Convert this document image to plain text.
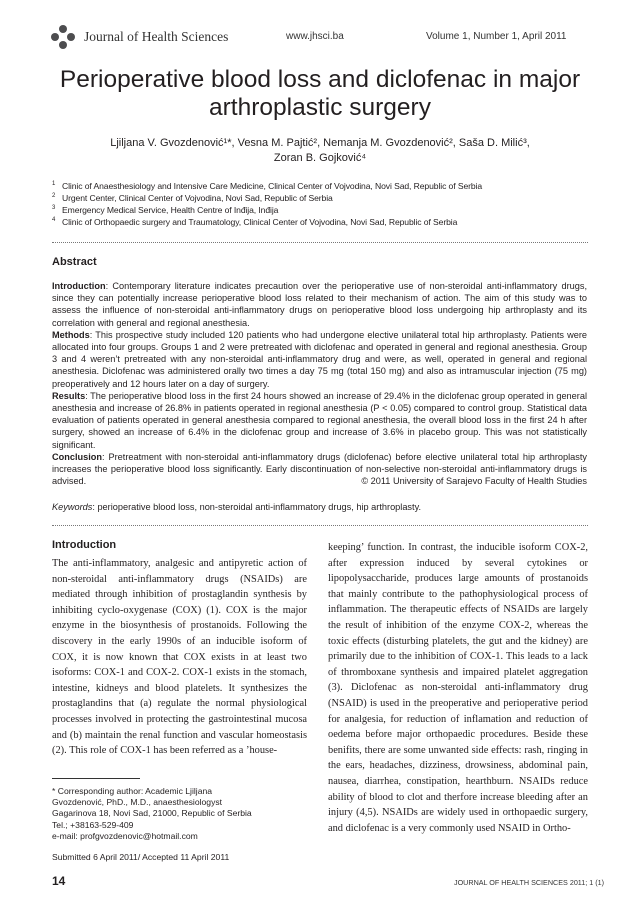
Journal of Health Sciences	www.jhsci.ba	Volume 1, Number 1, April 2011
Perioperative blood loss and diclofenac in major arthroplastic surgery
Ljiljana V. Gvozdenović¹*, Vesna M. Pajtić², Nemanja M. Gvozdenović², Saša D. Milić³,
Zoran B. Gojković⁴
1 Clinic of Anaesthesiology and Intensive Care Medicine, Clinical Center of Vojvodina, Novi Sad, Republic of Serbia
2 Urgent Center, Clinical Center of Vojvodina, Novi Sad, Republic of Serbia
3 Emergency Medical Service, Health Centre of Inđija, Inđija
4 Clinic of Orthopaedic surgery and Traumatology, Clinical Center of Vojvodina, Novi Sad, Republic of Serbia
Abstract

Introduction: Contemporary literature indicates precaution over the perioperative use of non-steroidal anti-inflammatory drugs, since they can potentially increase perioperative blood loss related to their mechanism of action. The aim of this study was to assess the influence of non-steroidal anti-inflammatory drugs on perioperative blood loss undergoing hip arthroplasty and its correlation with general and regional anesthesia.

Methods: This prospective study included 120 patients who had undergone elective unilateral total hip arthroplasty. Patients were allocated into four groups. Groups 1 and 2 were pretreated with diclofenac and operated in general and regional anesthesia. Group 3 and 4 weren’t pretreated with any non-steroidal anti-inflammatory drug and were, as well, operated in general and regional anesthesia. Diclofenac was administered orally two times a day 75 mg (total 150 mg) and also as intramuscular injection (75 mg) preoperatively and 12 hours later on a day of surgery.

Results: The perioperative blood loss in the first 24 hours showed an increase of 29.4% in the diclofenac group operated in general anesthesia and increase of 26.8% in patients operated in regional anesthesia (P < 0.05) compared to control group. Statistical data evaluation of patients operated in general anesthesia compared to regional anesthesia, the overall blood loss in the first 24 h after surgery, showed an increase of 6.4% in the diclofenac group and increase of 3.6% in placebo group. This was not statistically significant.

Conclusion: Pretreatment with non-steroidal anti-inflammatory drugs (diclofenac) before elective unilateral total hip arthroplasty increases the perioperative blood loss significantly. Early discontinuation of non-selective non-steroidal anti-inflammatory drugs is advised.	© 2011 University of Sarajevo Faculty of Health Studies

Keywords: perioperative blood loss, non-steroidal anti-inflammatory drugs, hip arthroplasty.
Introduction
The anti-inflammatory, analgesic and antipyretic action of non-steroidal anti-inflammatory drugs (NSAIDs) are mediated through inhibition of prostaglandin synthesis by inhibiting cyclo-oxygenase (COX) (1). COX is the major enzyme in the biosynthesis of prostanoids. Following the discovery in the early 1990s of an inducible isoform of COX, it is now known that COX exists in at least two isoforms: COX-1 and COX-2. COX-1 exists in the stomach, intestine, kidneys and blood platelets. It synthesizes the prostaglandins that (a) regulate the normal physiological processes involved in protecting the gastrointestinal mucosa and (b) maintain the renal function and vascular homeostasis (2). This role of COX-1 has been referred as a ’house-
keeping’ function. In contrast, the inducible isoform COX-2, after expression induced by several cytokines or lipopolysaccharide, produces large amounts of prostanoids that mainly contribute to the pathophysiological process of inflammation. The therapeutic effects of NSAIDs are largely the result of inhibition of the enzyme COX-2, whereas the toxic effects (disturbing platelets, the gut and the kidney) are primarily due to the inhibition of COX-1. This leads to a lack of thromboxane synthesis and impaired platelet aggregation (3). Diclofenac as non-steroidal anti-inflammatory drug (NSAID) is used in the preoperative and perioperative period for analgesia, for reduction of inflamation and reduction of oedema before major orthopaedic procedures. Beside these benifits, there are some unwanted side effects: rash, ringing in the ears, headaches, dizziness, drowsiness, abdominal pain, nausea, diarrhea, constipation, hearthburn. NSAIDs reduce ability of blood to clot and therfore increase bleeding after an injury (4,5). NSAIDs are widely used in orthopaedic surgery, and diclofenac is a very commonly used NSAID in Ortho-
* Corresponding author: Academic Ljiljana
Gvozdenović, PhD., M.D., anaesthesiologyst
Gagarinova 18, Novi Sad, 21000, Republic of Serbia
Tel.; +38163-529-409
e-mail: profgvozdenovic@hotmail.com
Submitted 6 April 2011/ Accepted 11 April 2011
14	JOURNAL OF HEALTH SCIENCES 2011; 1 (1)
